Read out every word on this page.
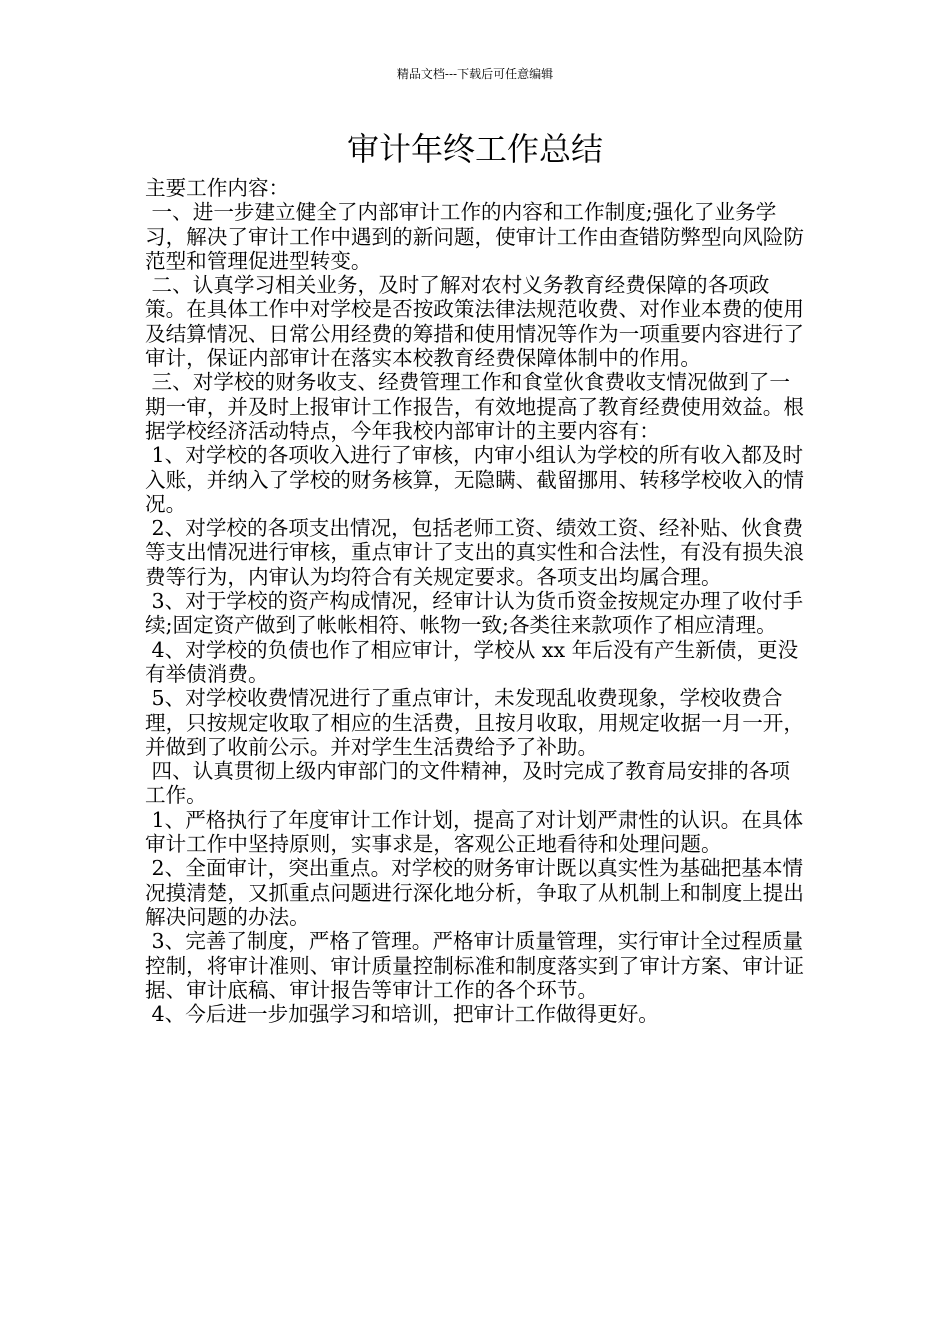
精品文档---下载后可任意编辑
审计年终工作总结

主要工作内容：

一、进一步建立健全了内部审计工作的内容和工作制度;强化了业务学习，解决了审计工作中遇到的新问题，使审计工作由查错防弊型向风险防范型和管理促进型转变。

二、认真学习相关业务，及时了解对农村义务教育经费保障的各项政策。在具体工作中对学校是否按政策法律法规范收费、对作业本费的使用及结算情况、日常公用经费的筹措和使用情况等作为一项重要内容进行了审计，保证内部审计在落实本校教育经费保障体制中的作用。

三、对学校的财务收支、经费管理工作和食堂伙食费收支情况做到了一期一审，并及时上报审计工作报告，有效地提高了教育经费使用效益。根据学校经济活动特点，今年我校内部审计的主要内容有：

1、对学校的各项收入进行了审核，内审小组认为学校的所有收入都及时入账，并纳入了学校的财务核算，无隐瞒、截留挪用、转移学校收入的情况。

2、对学校的各项支出情况，包括老师工资、绩效工资、经补贴、伙食费等支出情况进行审核，重点审计了支出的真实性和合法性，有没有损失浪费等行为，内审认为均符合有关规定要求。各项支出均属合理。

3、对于学校的资产构成情况，经审计认为货币资金按规定办理了收付手续;固定资产做到了帐帐相符、帐物一致;各类往来款项作了相应清理。

4、对学校的负债也作了相应审计，学校从 xx 年后没有产生新债，更没有举债消费。

5、对学校收费情况进行了重点审计，未发现乱收费现象，学校收费合理，只按规定收取了相应的生活费，且按月收取，用规定收据一月一开，并做到了收前公示。并对学生生活费给予了补助。

四、认真贯彻上级内审部门的文件精神，及时完成了教育局安排的各项工作。

1、严格执行了年度审计工作计划，提高了对计划严肃性的认识。在具体审计工作中坚持原则，实事求是，客观公正地看待和处理问题。

2、全面审计，突出重点。对学校的财务审计既以真实性为基础把基本情况摸清楚，又抓重点问题进行深化地分析，争取了从机制上和制度上提出解决问题的办法。

3、完善了制度，严格了管理。严格审计质量管理，实行审计全过程质量控制，将审计准则、审计质量控制标准和制度落实到了审计方案、审计证据、审计底稿、审计报告等审计工作的各个环节。

4、今后进一步加强学习和培训，把审计工作做得更好。
